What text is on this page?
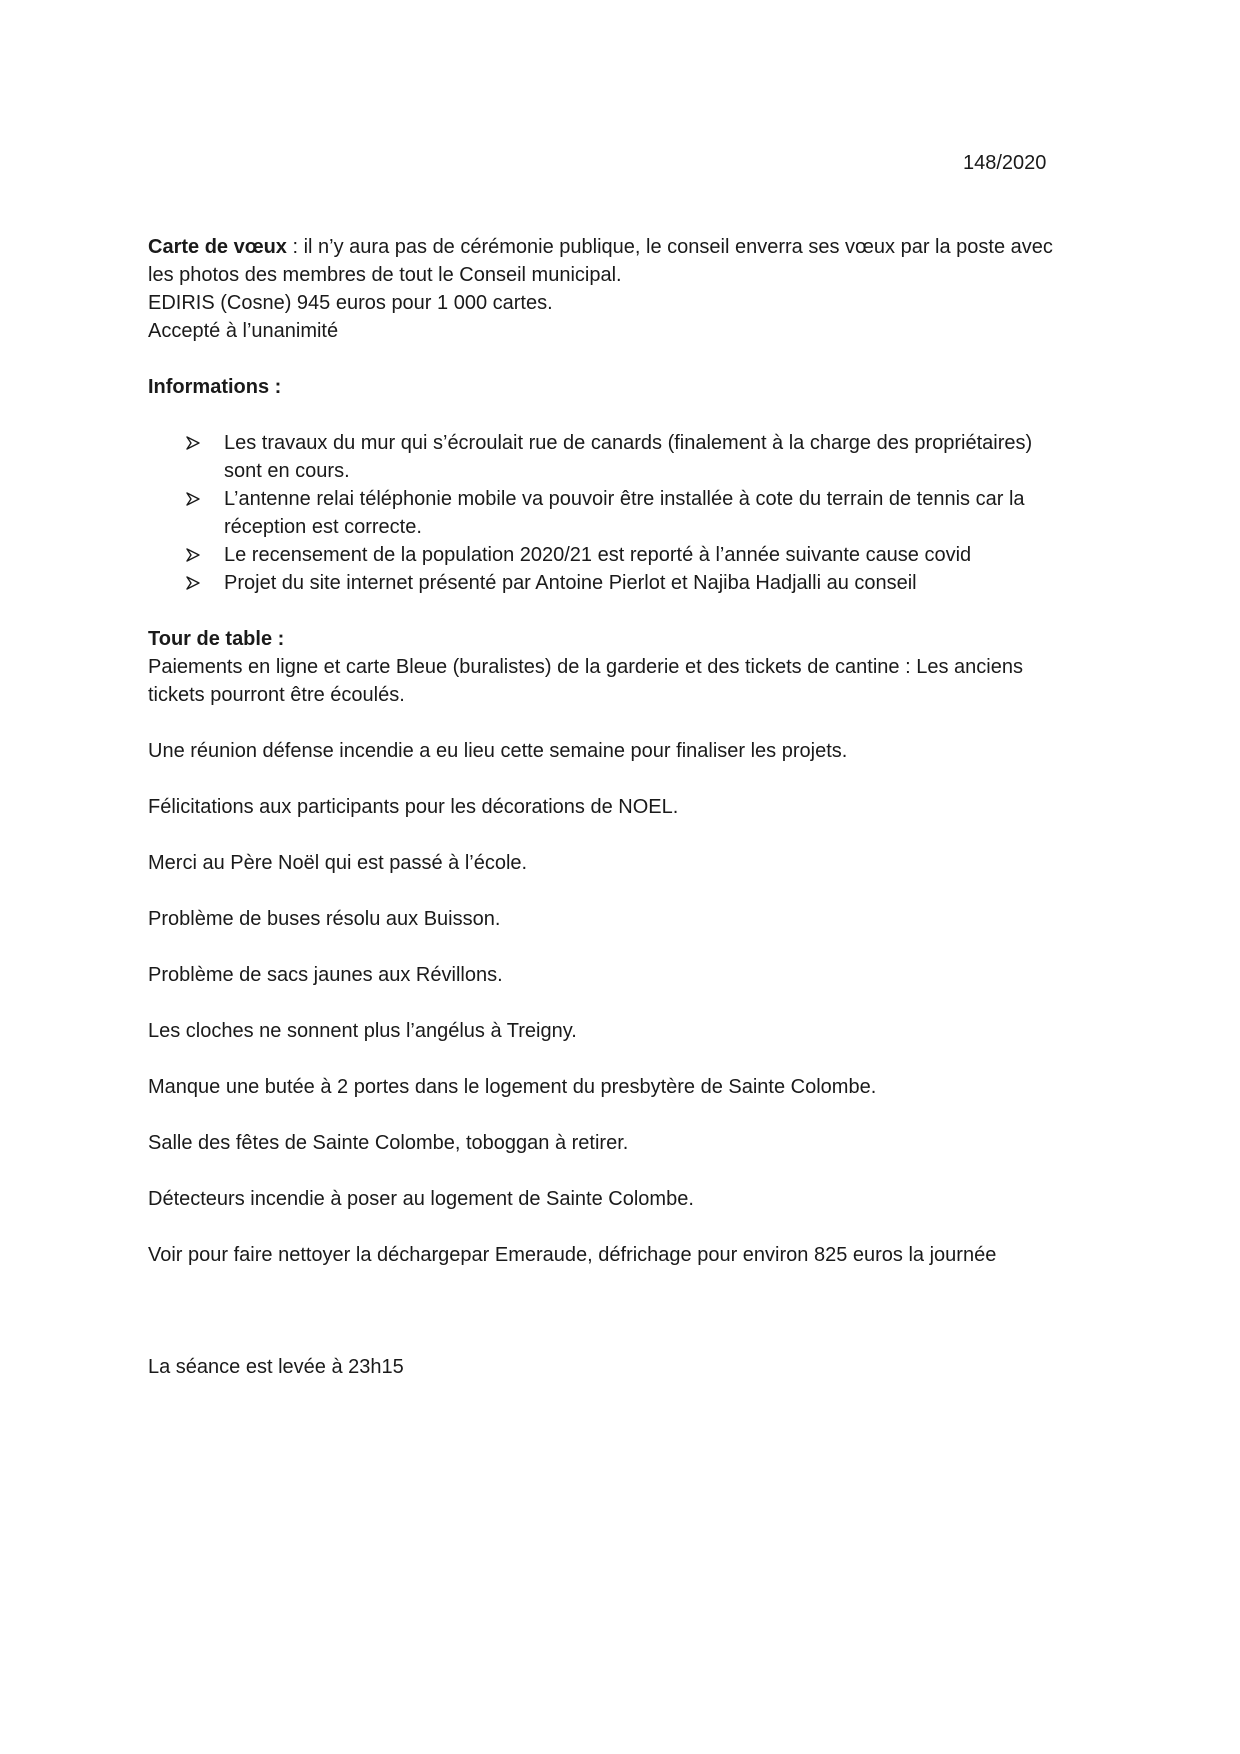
148/2020

Carte de vœux : il n’y aura pas de cérémonie publique, le conseil enverra ses vœux par la poste avec

les photos des membres de tout le Conseil municipal.

EDIRIS (Cosne) 945 euros pour 1 000 cartes.

Accepté à l’unanimité

Informations :

Les travaux du mur qui s’écroulait rue de canards (finalement à la charge des propriétaires)
sont en cours.
L’antenne relai téléphonie mobile va pouvoir être installée à cote du terrain de tennis car la
réception est correcte.
Le recensement de la population 2020/21 est reporté à l’année suivante cause covid
Projet du site internet présenté par Antoine Pierlot et Najiba Hadjalli au conseil

Tour de table :

Paiements en ligne et carte Bleue (buralistes) de la garderie et des tickets de cantine : Les anciens

tickets pourront être écoulés.

Une réunion défense incendie a eu lieu cette semaine pour finaliser les projets.

Félicitations aux participants pour les décorations de NOEL.

Merci au Père Noël qui est passé à l’école.

Problème de buses résolu aux Buisson.

Problème de sacs jaunes aux Révillons.

Les cloches ne sonnent plus l’angélus à Treigny.

Manque une butée à 2 portes dans le logement du presbytère de Sainte Colombe.

Salle des fêtes de Sainte Colombe, toboggan à retirer.

Détecteurs incendie à poser au logement de Sainte Colombe.

Voir pour faire nettoyer la déchargepar Emeraude, défrichage pour environ 825 euros la journée

La séance est levée à 23h15
